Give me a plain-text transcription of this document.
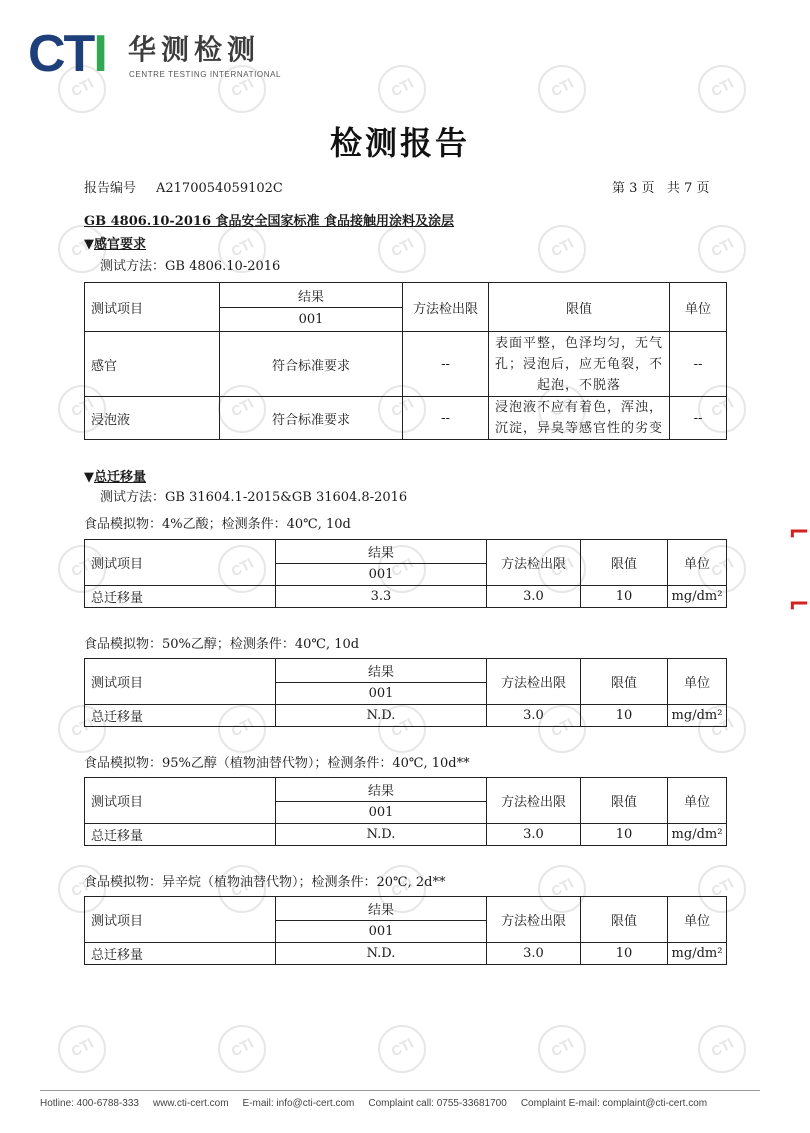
CTI
CTI
CTI
CTI
CTI
CTI
CTI
CTI
CTI
CTI
CTI
CTI
CTI
CTI
CTI
CTI
CTI
CTI
CTI
CTI
CTI
CTI
CTI
CTI
CTI
CTI
CTI
CTI
CTI
CTI
CTI
CTI
CTI
CTI
CTI
CTI 华测检测
CENTRE TESTING INTERNATIONAL
检测报告
报告编号 A2170054059102C	第 3 页   共 7 页
GB 4806.10-2016 食品安全国家标准 食品接触用涂料及涂层
▼感官要求
测试方法：GB 4806.10-2016
测试项目	结果	方法检出限	限值	单位
	001			
感官	符合标准要求	--	表面平整，色泽均匀，无气孔；浸泡后，应无龟裂，不起泡，不脱落	--
浸泡液	符合标准要求	--	浸泡液不应有着色，浑浊，沉淀，异臭等感官性的劣变	--
▼总迁移量
测试方法：GB 31604.1-2015&GB 31604.8-2016
食品模拟物：4%乙酸；检测条件：40℃, 10d
测试项目	结果	方法检出限	限值	单位
	001			
总迁移量	3.3	3.0	10	mg/dm²
食品模拟物：50%乙醇；检测条件：40℃, 10d
测试项目	结果	方法检出限	限值	单位
	001			
总迁移量	N.D.	3.0	10	mg/dm²
食品模拟物：95%乙醇（植物油替代物）；检测条件：40℃, 10d**
测试项目	结果	方法检出限	限值	单位
	001			
总迁移量	N.D.	3.0	10	mg/dm²
食品模拟物：异辛烷（植物油替代物）；检测条件：20℃, 2d**
测试项目	结果	方法检出限	限值	单位
	001			
总迁移量	N.D.	3.0	10	mg/dm²
⌐
⌐
Hotline: 400-6788-333 www.cti-cert.com E-mail: info@cti-cert.com Complaint call: 0755-33681700 Complaint E-mail: complaint@cti-cert.com
